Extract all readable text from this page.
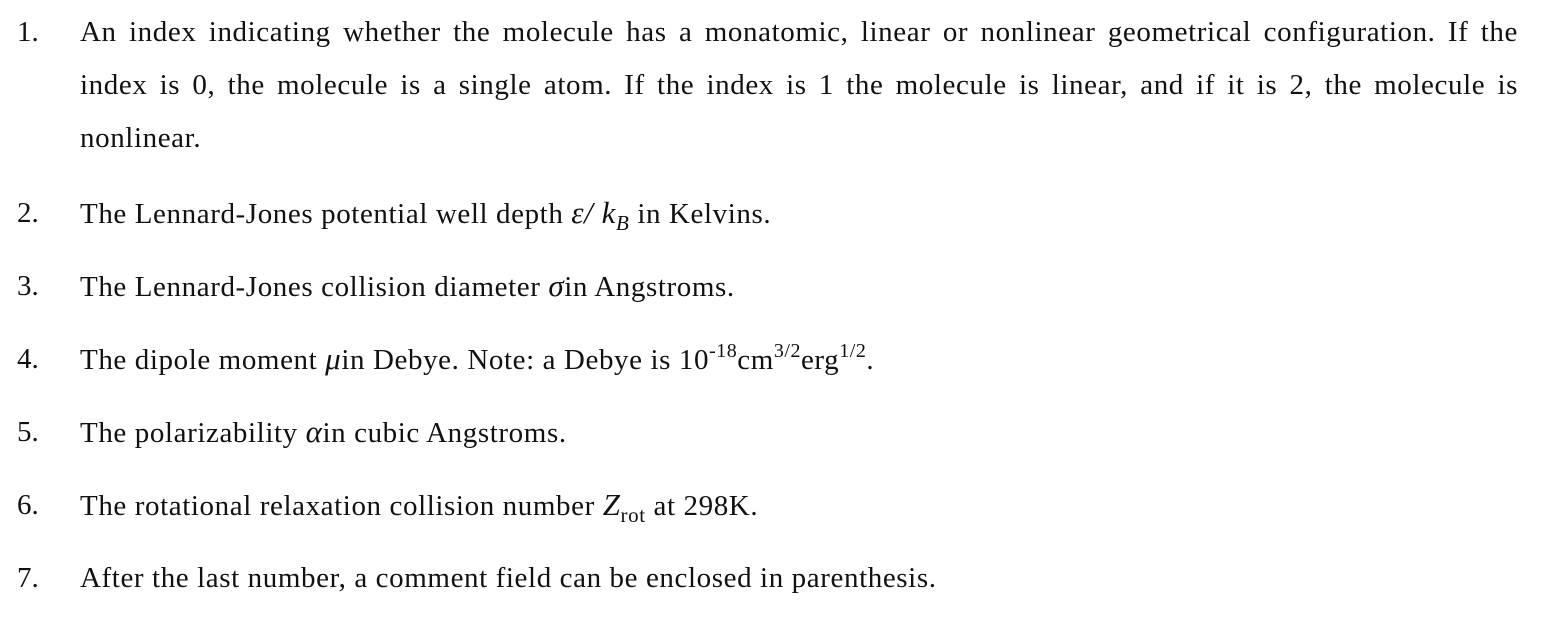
1. An index indicating whether the molecule has a monatomic, linear or nonlinear geometrical configuration. If the index is 0, the molecule is a single atom. If the index is 1 the molecule is linear, and if it is 2, the molecule is nonlinear.
2. The Lennard-Jones potential well depth ε/ $k_B$ in Kelvins.
3. The Lennard-Jones collision diameter σin Angstroms.
4. The dipole moment μin Debye. Note: a Debye is $10^{-18}cm^{3/2}erg^{1/2}$.
5. The polarizability αin cubic Angstroms.
6. The rotational relaxation collision number $Z_{rot}$ at 298K.
7. After the last number, a comment field can be enclosed in parenthesis.
